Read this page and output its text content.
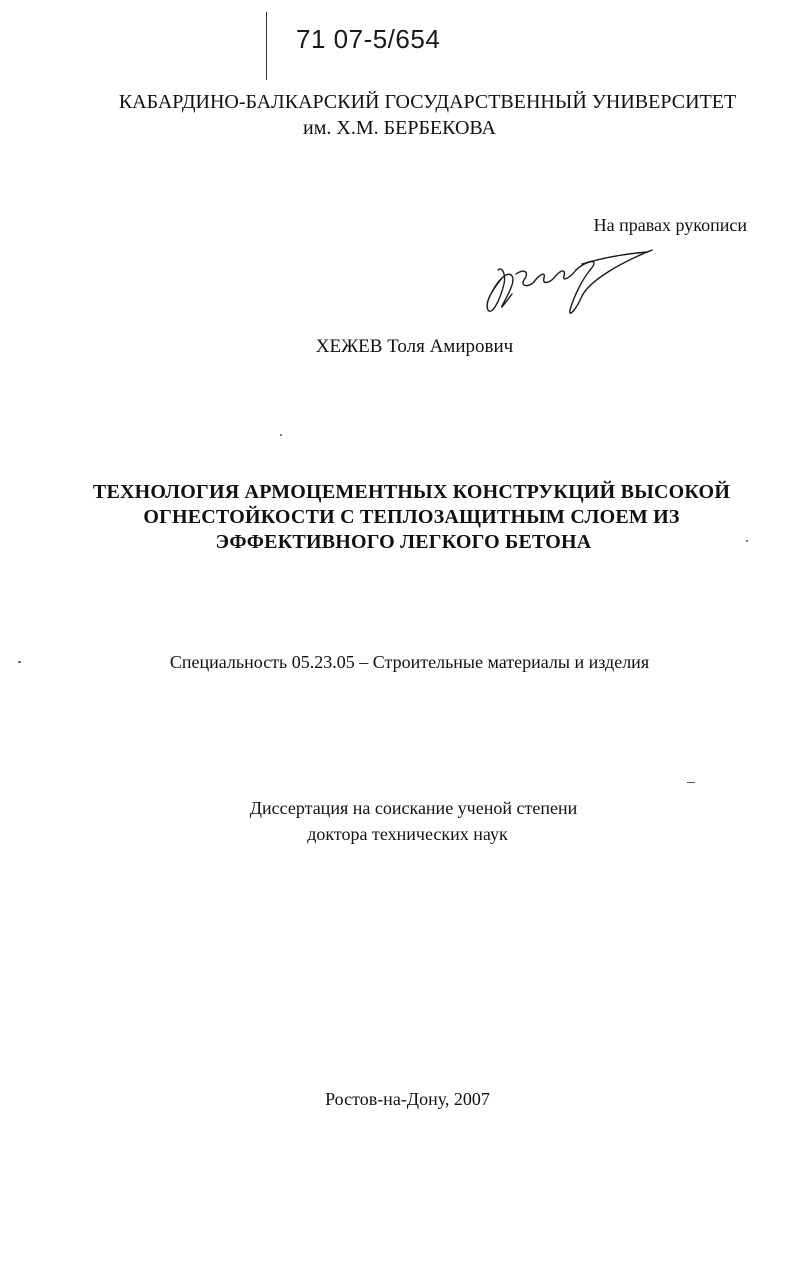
71 07-5/654
КАБАРДИНО-БАЛКАРСКИЙ ГОСУДАРСТВЕННЫЙ УНИВЕРСИТЕТ
им. Х.М. БЕРБЕКОВА
На правах рукописи
ХЕЖЕВ Толя Амирович
ТЕХНОЛОГИЯ АРМОЦЕМЕНТНЫХ КОНСТРУКЦИЙ ВЫСОКОЙ
ОГНЕСТОЙКОСТИ С ТЕПЛОЗАЩИТНЫМ СЛОЕМ ИЗ
ЭФФЕКТИВНОГО ЛЕГКОГО БЕТОНА
Специальность 05.23.05 – Строительные материалы и изделия
Диссертация на соискание ученой степени
доктора технических наук
Ростов-на-Дону, 2007
